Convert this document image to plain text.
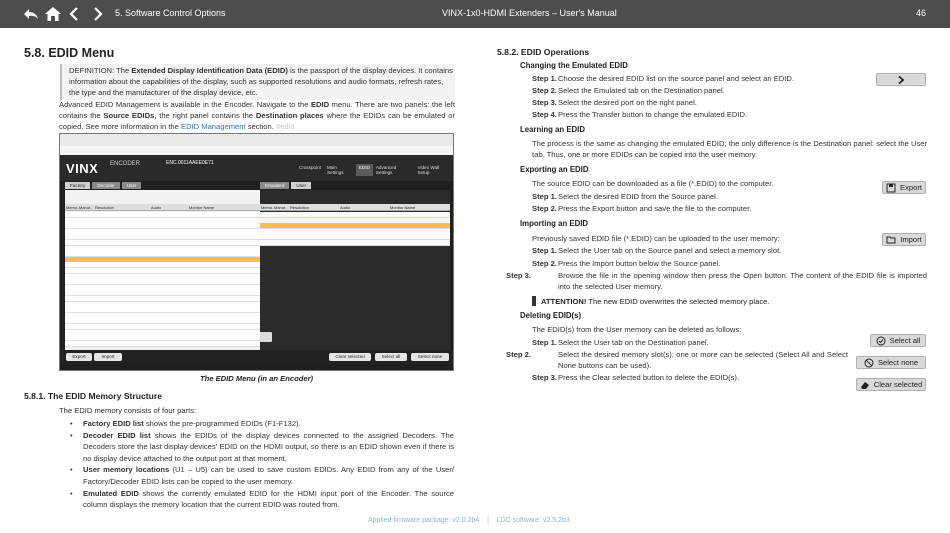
5. Software Control Options	VINX-1x0-HDMI Extenders – User's Manual	46
5.8. EDID Menu
DEFINITION: The Extended Display Identification Data (EDID) is the passport of the display devices. It contains information about the capabilities of the display, such as supported resolutions and audio formats, refresh rates, the type and the manufacturer of the display device, etc.
Advanced EDID Management is available in the Encoder. Navigate to the EDID menu. There are two panels: the left contains the Source EDIDs, the right panel contains the Destination places where the EDIDs can be emulated or copied. See more information in the EDID Management section. #edid
VINX ENCODER	ENC.0011AAEE0E71
Crosspoint	Main Settings
EDID	Advanced Settings
Video Wall Setup
Factory	Decoder	User	Emulated	User
Memo.. Manuf.. Resolution	Audio	Monitor Name	Memo.. Manuf.. Resolution	Audio	Monitor Name
Export	Import	Clear selected	Select all	Select none
The EDID Menu (in an Encoder)
5.8.1. The EDID Memory Structure
The EDID memory consists of four parts:
• Factory EDID list shows the pre-programmed EDIDs (F1-F132).
• Decoder EDID list shows the EDIDs of the display devices connected to the assigned Decoders. The Decoders store the last display devices' EDID on the HDMI output, so there is an EDID shown even if there is no display device attached to the output port at that moment.
• User memory locations (U1 – U5) can be used to save custom EDIDs. Any EDID from any of the User/ Factory/Decoder EDID lists can be copied to the user memory.
• Emulated EDID shows the currently emulated EDID for the HDMI input port of the Encoder. The source column displays the memory location that the current EDID was routed from.
5.8.2. EDID Operations
Changing the Emulated EDID
Step 1.Choose the desired EDID list on the source panel and select an EDID.
Step 2.Select the Emulated tab on the Destination panel.
Step 3.Select the desired port on the right panel.
Step 4.Press the Transfer button to change the emulated EDID.
Learning an EDID
The process is the same as changing the emulated EDID; the only difference is the Destination panel: select the User tab. Thus, one or more EDIDs can be copied into the user memory.
Exporting an EDID
The source EDID can be downloaded as a file (*.EDID) to the computer.
Step 1.Select the desired EDID from the Source panel.
Step 2.Press the Export button and save the file to the computer.
Export
Importing an EDID
Previously saved EDID file (*.EDID) can be uploaded to the user memory:
Step 1.Select the User tab on the Source panel and select a memory slot.
Step 2.Press the Import button below the Source panel.
Step 3.	Browse the file in the opening window then press the Open button. The content of the EDID file is imported into the selected User memory.
Import
ATTENTION! The new EDID overwrites the selected memory place.
Deleting EDID(s)
The EDID(s) from the User memory can be deleted as follows:
Step 1.Select the User tab on the Destination panel.
Step 2.	Select the desired memory slot(s); one or more can be selected (Select All and Select None buttons can be used).
Step 3.Press the Clear selected button to delete the EDID(s).
Select all
Select none
Clear selected
Applied firmware package: v2.0.2b4    |    LDC software: v2.5.2b3
